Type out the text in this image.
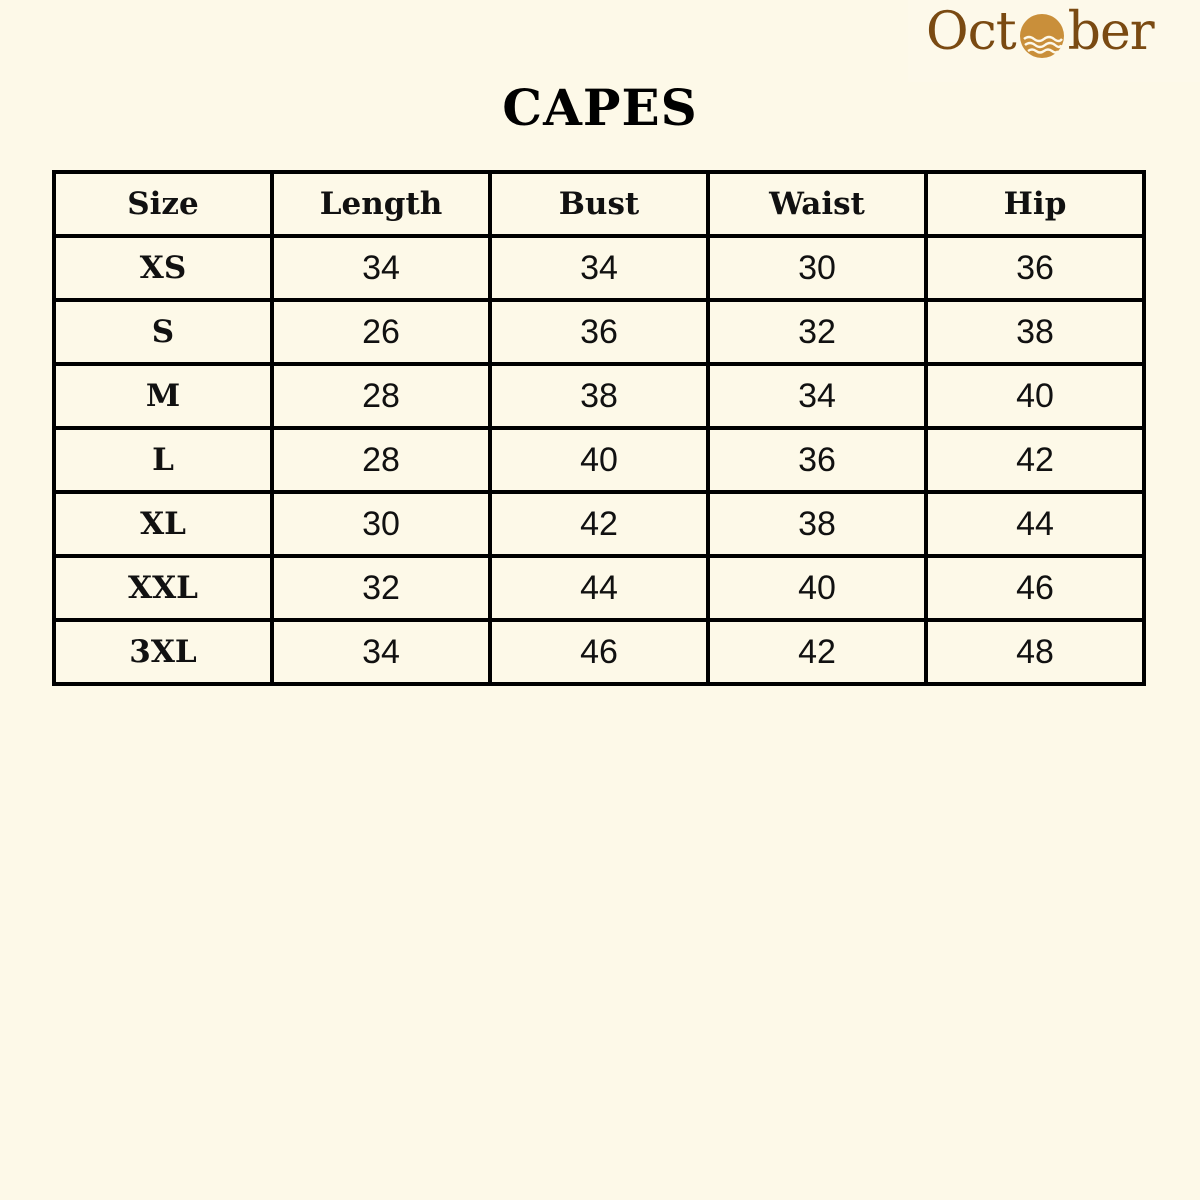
Oct ber
CAPES
Size	Length	Bust	Waist	Hip
XS	34	34	30	36
S	26	36	32	38
M	28	38	34	40
L	28	40	36	42
XL	30	42	38	44
XXL	32	44	40	46
3XL	34	46	42	48
